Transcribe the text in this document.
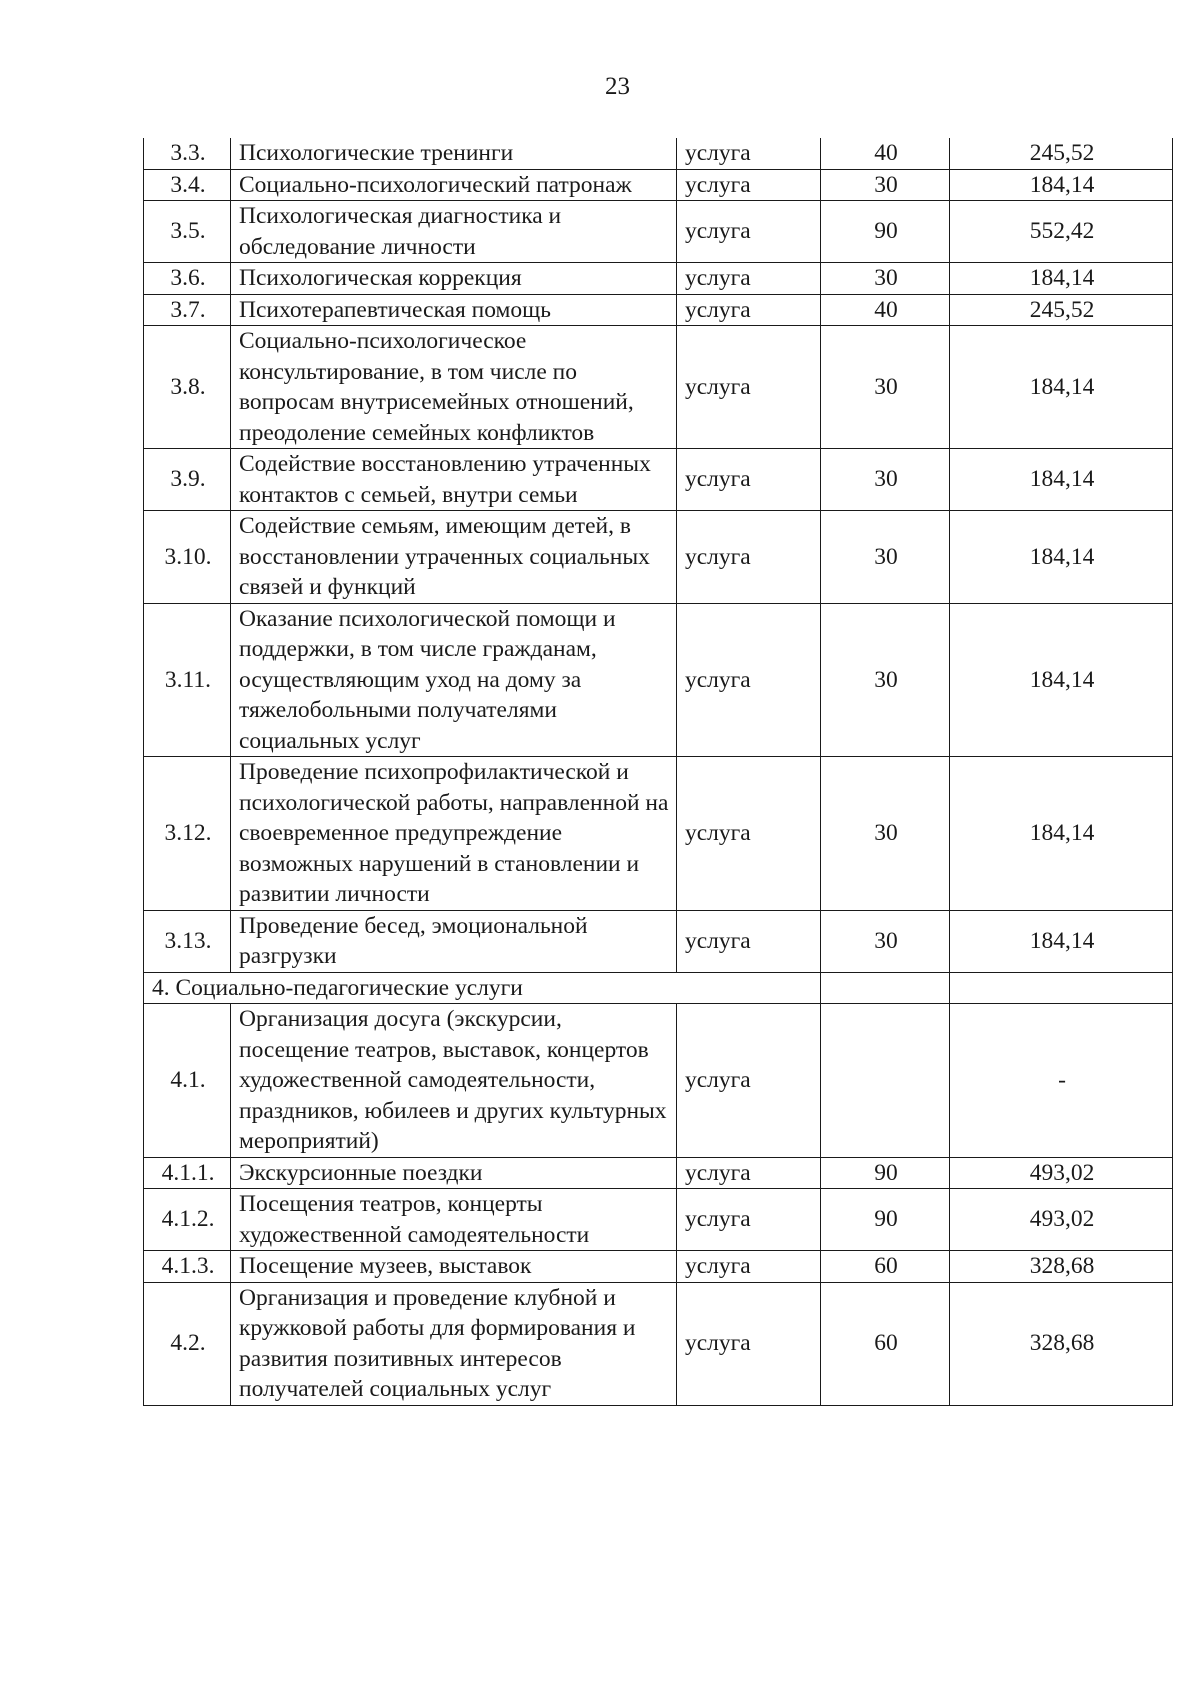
23
3.3.	Психологические тренинги	услуга	40	245,52
3.4.	Социально-психологический патронаж	услуга	30	184,14
3.5.	Психологическая диагностика и обследование личности	услуга	90	552,42
3.6.	Психологическая коррекция	услуга	30	184,14
3.7.	Психотерапевтическая помощь	услуга	40	245,52
3.8.	Социально-психологическое консультирование, в том числе по вопросам внутрисемейных отношений, преодоление семейных конфликтов	услуга	30	184,14
3.9.	Содействие восстановлению утраченных контактов с семьей, внутри семьи	услуга	30	184,14
3.10.	Содействие семьям, имеющим детей, в восстановлении утраченных социальных связей и функций	услуга	30	184,14
3.11.	Оказание психологической помощи и поддержки, в том числе гражданам, осуществляющим уход на дому за тяжелобольными получателями социальных услуг	услуга	30	184,14
3.12.	Проведение психопрофилактической и психологической работы, направленной на своевременное предупреждение возможных нарушений в становлении и развитии личности	услуга	30	184,14
3.13.	Проведение бесед, эмоциональной разгрузки	услуга	30	184,14
4. Социально-педагогические услуги				
4.1.	Организация досуга (экскурсии, посещение театров, выставок, концертов художественной самодеятельности, праздников, юбилеев и других культурных мероприятий)	услуга		-
4.1.1.	Экскурсионные поездки	услуга	90	493,02
4.1.2.	Посещения театров, концерты художественной самодеятельности	услуга	90	493,02
4.1.3.	Посещение музеев, выставок	услуга	60	328,68
4.2.	Организация и проведение клубной и кружковой работы для формирования и развития позитивных интересов получателей социальных услуг	услуга	60	328,68
